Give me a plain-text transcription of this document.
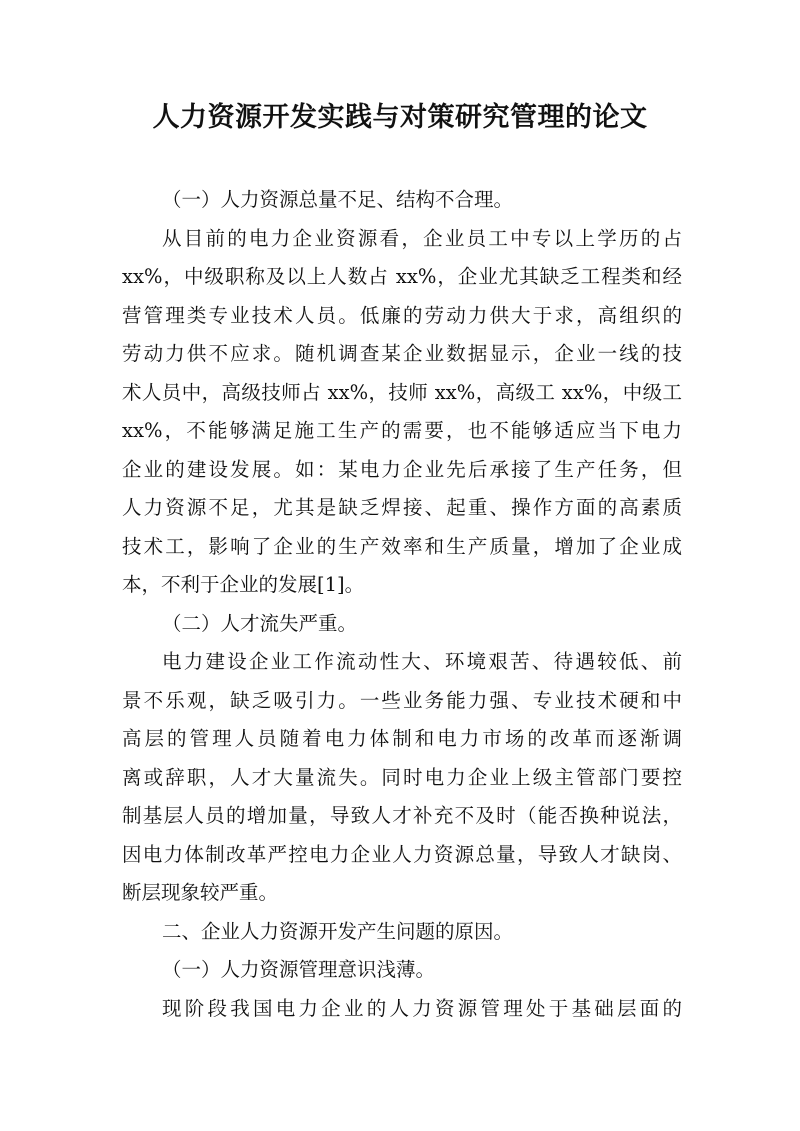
人力资源开发实践与对策研究管理的论文
（一）人力资源总量不足、结构不合理。
从目前的电力企业资源看，企业员工中专以上学历的占
xx%，中级职称及以上人数占 xx%，企业尤其缺乏工程类和经
营管理类专业技术人员。低廉的劳动力供大于求，高组织的
劳动力供不应求。随机调查某企业数据显示，企业一线的技
术人员中，高级技师占 xx%，技师 xx%，高级工 xx%，中级工
xx%，不能够满足施工生产的需要，也不能够适应当下电力
企业的建设发展。如：某电力企业先后承接了生产任务，但
人力资源不足，尤其是缺乏焊接、起重、操作方面的高素质
技术工，影响了企业的生产效率和生产质量，增加了企业成
本，不利于企业的发展[1]。
（二）人才流失严重。
电力建设企业工作流动性大、环境艰苦、待遇较低、前
景不乐观，缺乏吸引力。一些业务能力强、专业技术硬和中
高层的管理人员随着电力体制和电力市场的改革而逐渐调
离或辞职，人才大量流失。同时电力企业上级主管部门要控
制基层人员的增加量，导致人才补充不及时（能否换种说法，
因电力体制改革严控电力企业人力资源总量，导致人才缺岗、
断层现象较严重。
二、企业人力资源开发产生问题的原因。
（一）人力资源管理意识浅薄。
现阶段我国电力企业的人力资源管理处于基础层面的
